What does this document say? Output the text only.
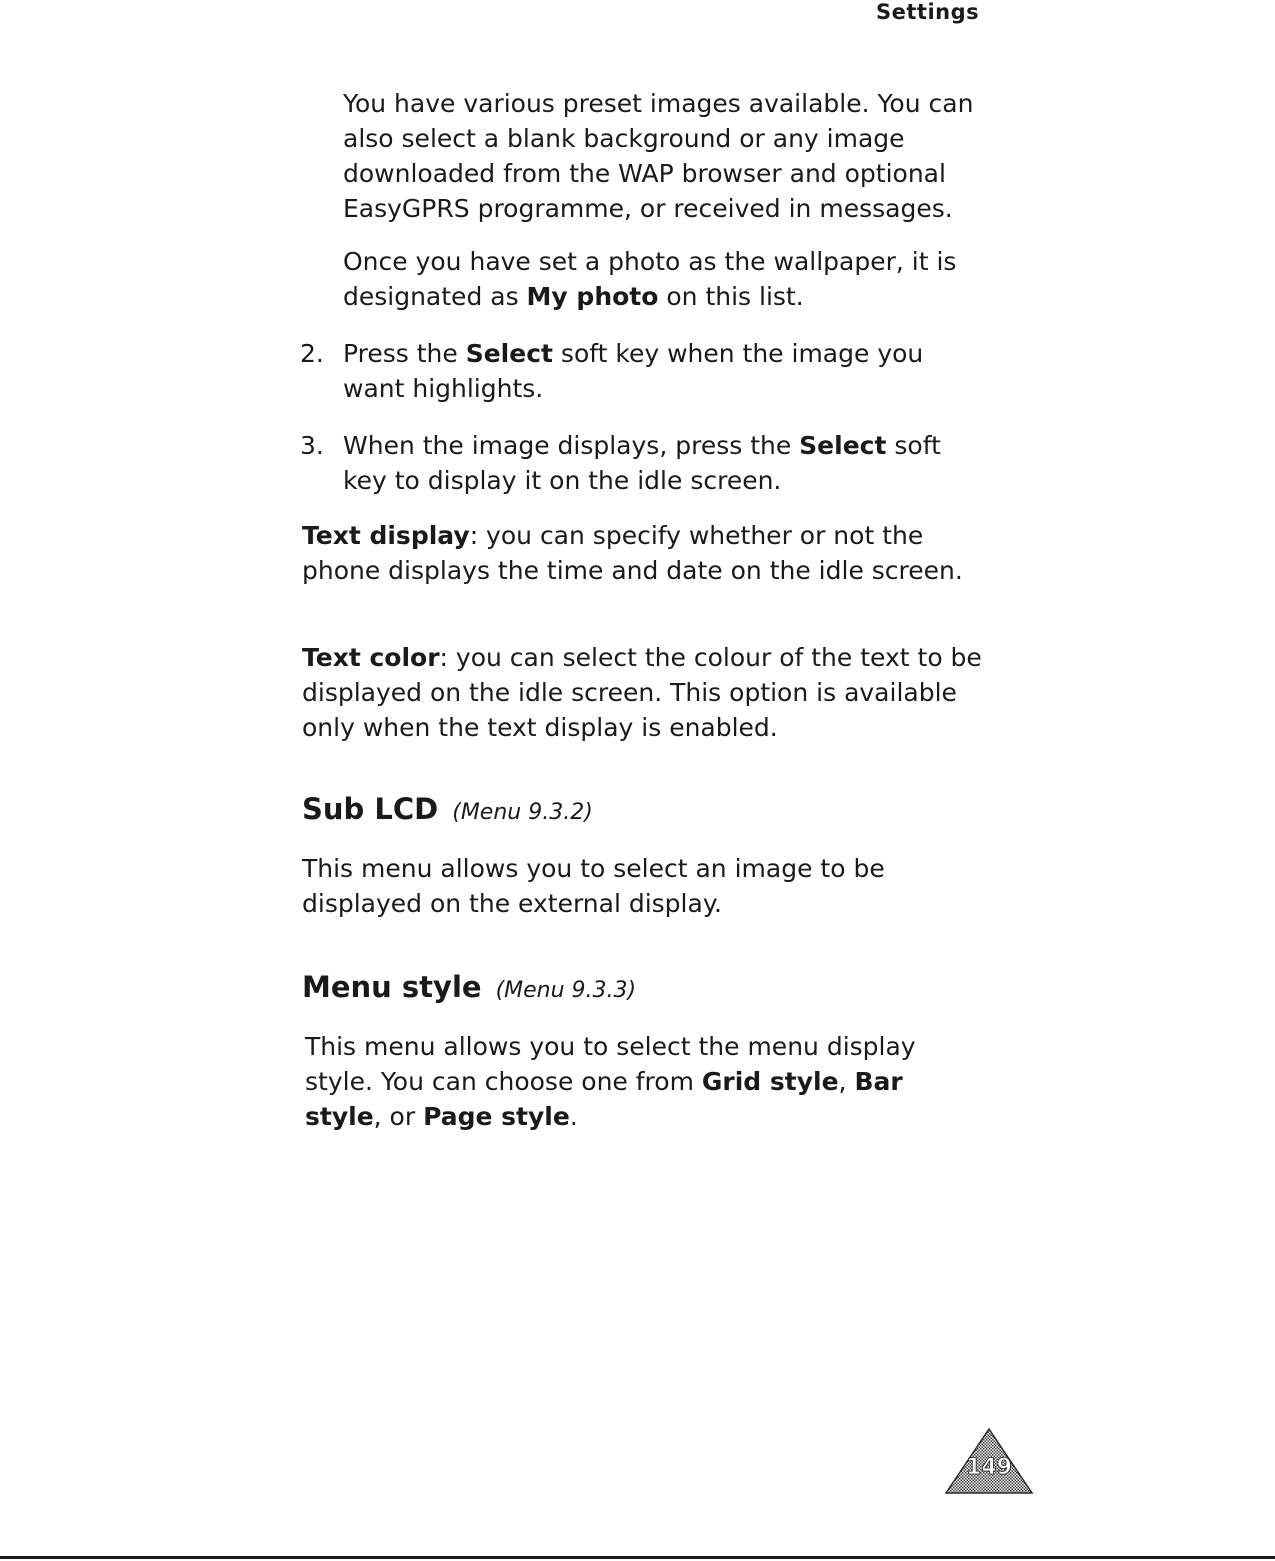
Settings

You have various preset images available. You can also select a blank background or any image downloaded from the WAP browser and optional EasyGPRS programme, or received in messages.

Once you have set a photo as the wallpaper, it is designated as My photo on this list.

2. Press the Select soft key when the image you want highlights.
3. When the image displays, press the Select soft key to display it on the idle screen.

Text display: you can specify whether or not the phone displays the time and date on the idle screen.

Text color: you can select the colour of the text to be displayed on the idle screen. This option is available only when the text display is enabled.

Sub LCD (Menu 9.3.2)

This menu allows you to select an image to be displayed on the external display.

Menu style (Menu 9.3.3)

This menu allows you to select the menu display style. You can choose one from Grid style, Bar style, or Page style.

149
